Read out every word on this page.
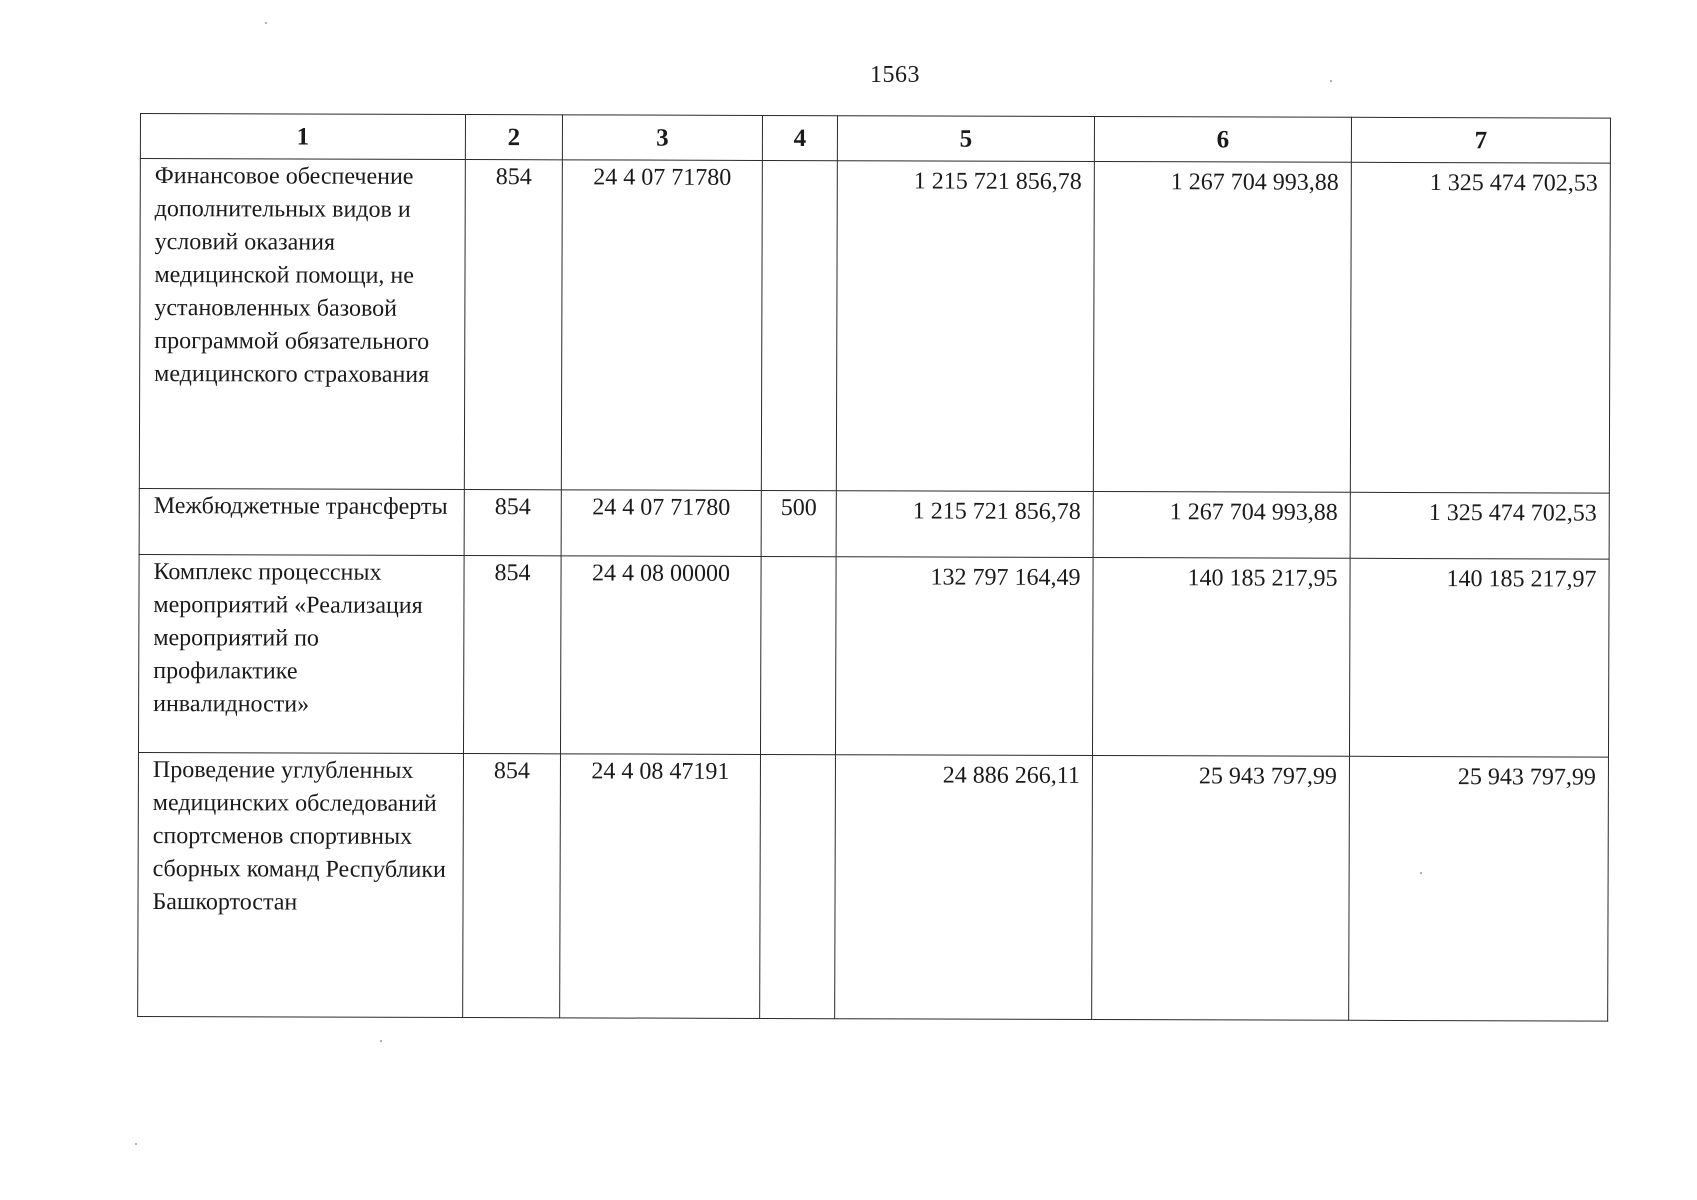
1563
1	2	3	4	5	6	7
Финансовое обеспечение дополнительных видов и условий оказания медицинской помощи, не установленных базовой программой обязательного медицинского страхования	854	24 4 07 71780		1 215 721 856,78	1 267 704 993,88	1 325 474 702,53
Межбюджетные трансферты	854	24 4 07 71780	500	1 215 721 856,78	1 267 704 993,88	1 325 474 702,53
Комплекс процессных мероприятий «Реализация мероприятий по профилактике инвалидности»	854	24 4 08 00000		132 797 164,49	140 185 217,95	140 185 217,97
Проведение углубленных медицинских обследований спортсменов спортивных сборных команд Республики Башкортостан	854	24 4 08 47191		24 886 266,11	25 943 797,99	25 943 797,99
